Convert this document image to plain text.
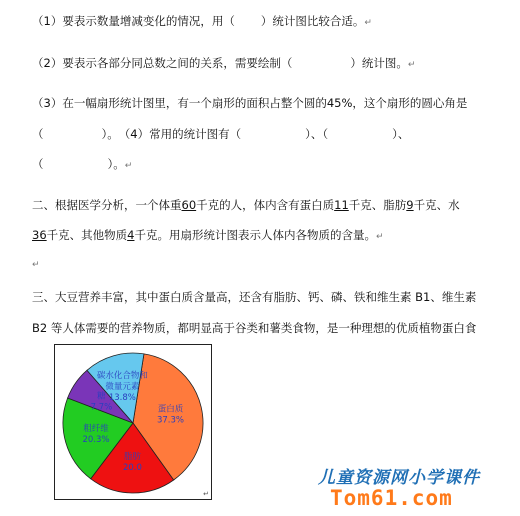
（1）要表示数量增减变化的情况，用（ ）统计图比较合适。↵
（2）要表示各部分同总数之间的关系，需要绘制（	）统计图。↵
（3）在一幅扇形统计图里，有一个扇形的面积占整个圆的45%，这个扇形的圆心角是
（	）。　（4）常用的统计图有（	）、（	）、
（	）。↵
二、根据医学分析，一个体重60千克的人，体内含有蛋白质11千克、脂肪9千克、水
36千克、其他物质4千克。用扇形统计图表示人体内各物质的含量。↵
↵
三、大豆营养丰富，其中蛋白质含量高，还含有脂肪、钙、磷、铁和维生素 B1、维生素
B2 等人体需要的营养物质，都明显高于谷类和薯类食物，是一种理想的优质植物蛋白食
蛋白质 37.3%
脂肪 20.0
粗纤维 20.3%
糖 7.7%
碳水化合物和微量元素 13.8%
↵
儿童资源网小学课件
Tom61.com
